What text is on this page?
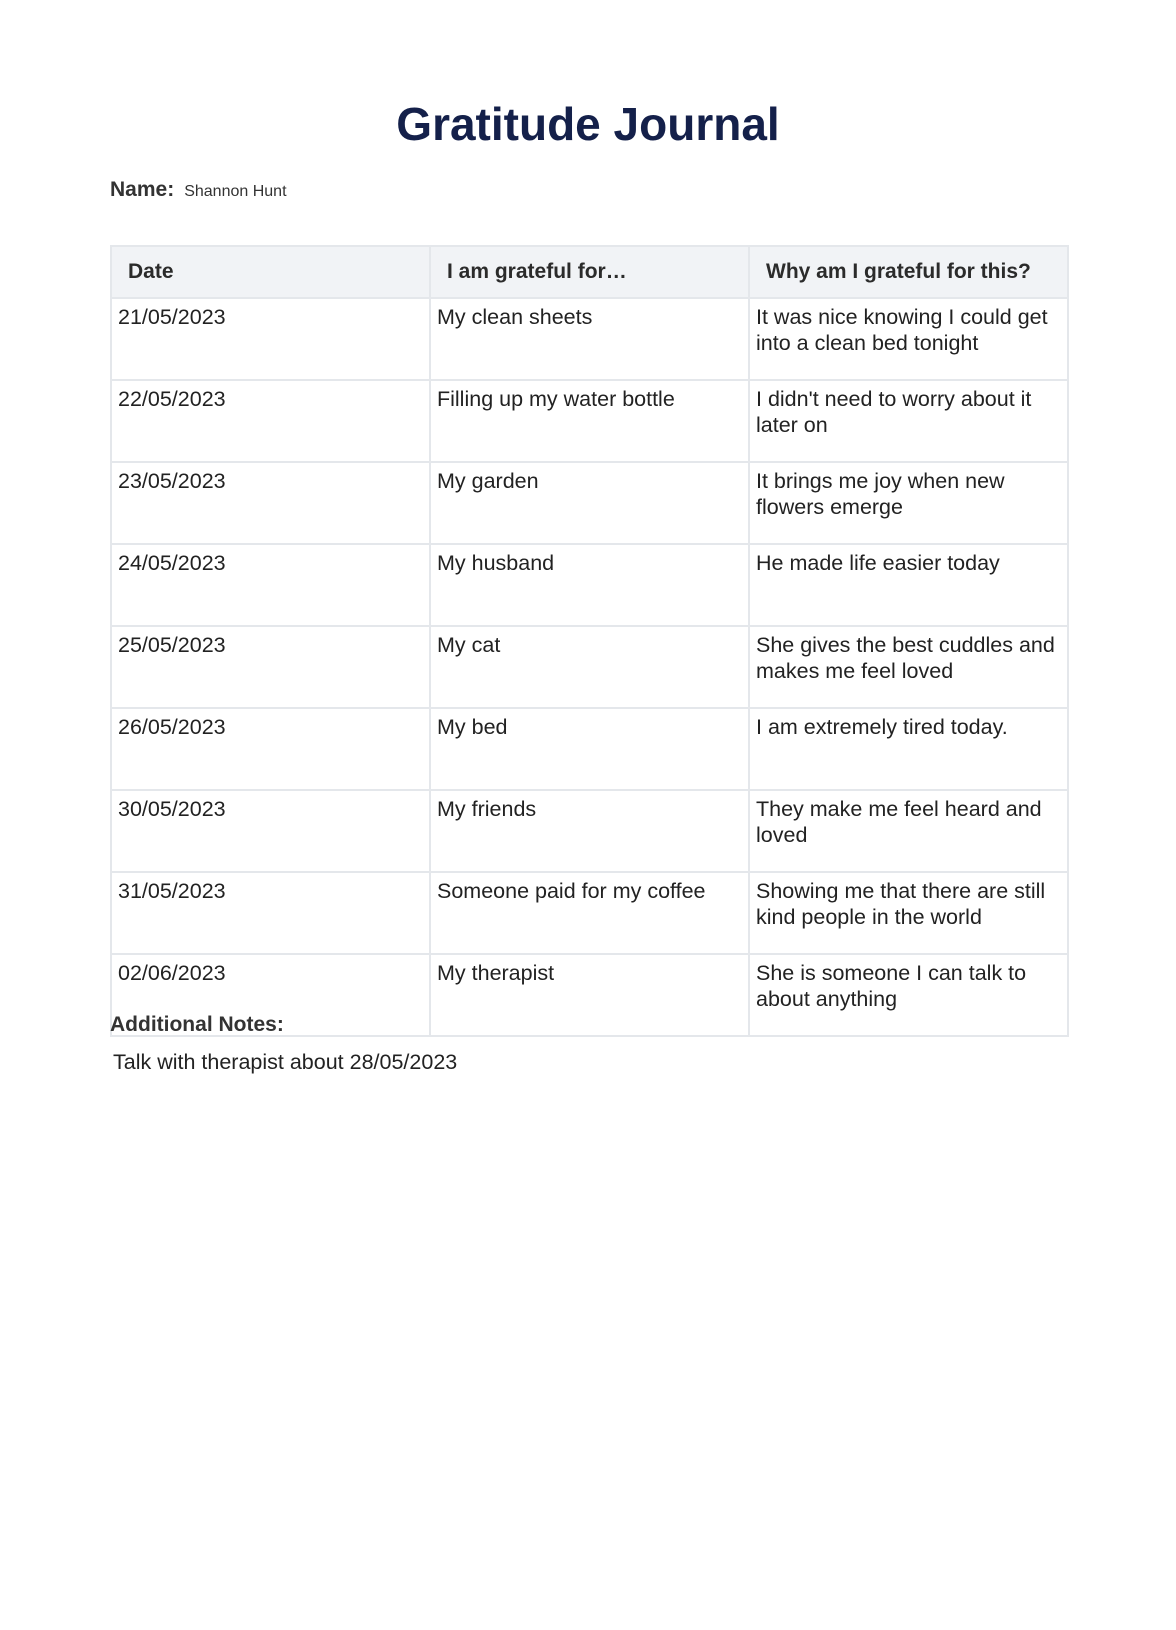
Gratitude Journal
Name: Shannon Hunt
Date	I am grateful for…	Why am I grateful for this?
21/05/2023	My clean sheets	It was nice knowing I could get into a clean bed tonight
22/05/2023	Filling up my water bottle	I didn't need to worry about it later on
23/05/2023	My garden	It brings me joy when new flowers emerge
24/05/2023	My husband	He made life easier today
25/05/2023	My cat	She gives the best cuddles and makes me feel loved
26/05/2023	My bed	I am extremely tired today.
30/05/2023	My friends	They make me feel heard and loved
31/05/2023	Someone paid for my coffee	Showing me that there are still kind people in the world
02/06/2023	My therapist	She is someone I can talk to about anything
Additional Notes:
Talk with therapist about 28/05/2023
